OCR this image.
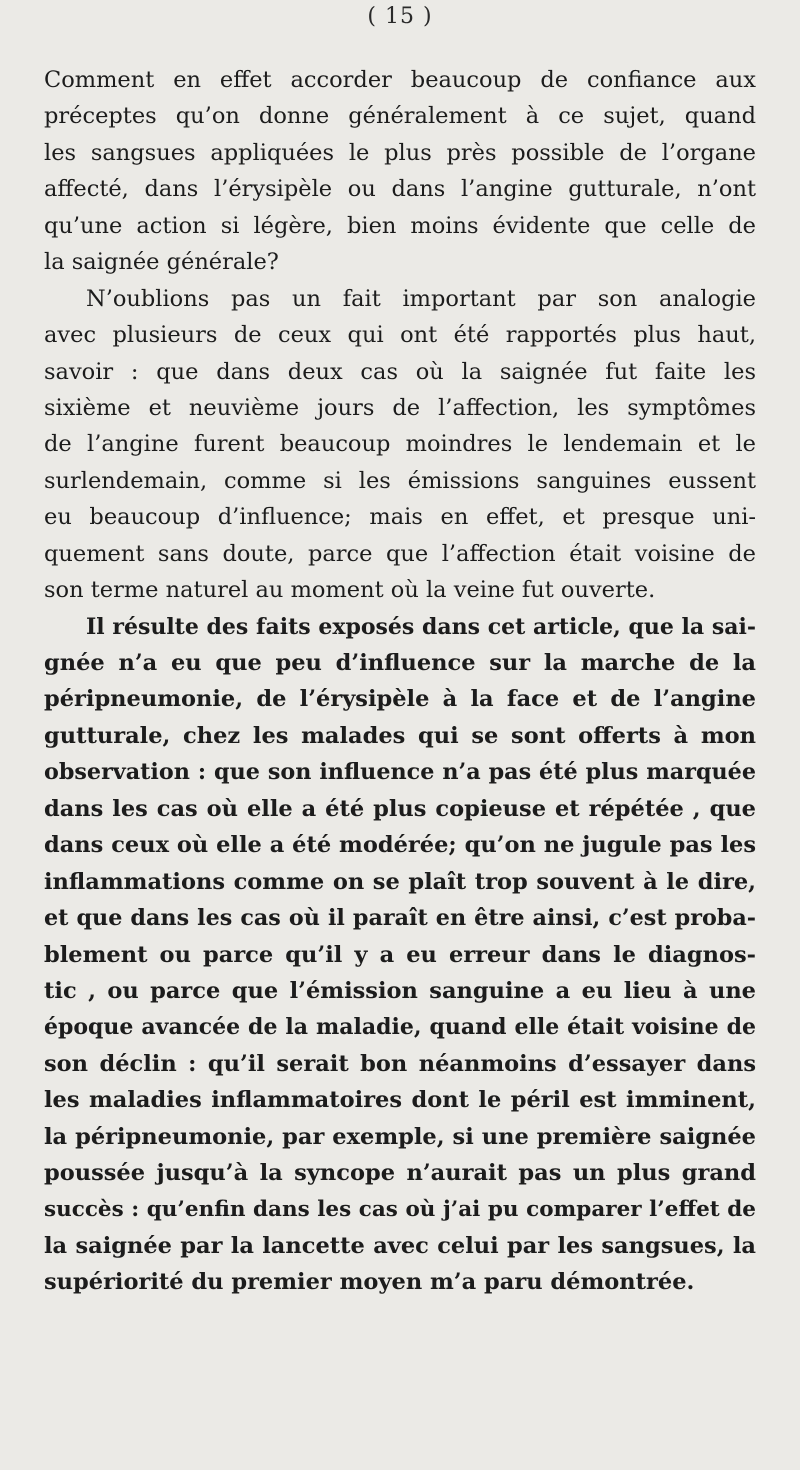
( 15 )
Comment en effet accorder beaucoup de confiance aux
préceptes qu’on donne généralement à ce sujet, quand
les sangsues appliquées le plus près possible de l’organe
affecté, dans l’érysipèle ou dans l’angine gutturale, n’ont
qu’une action si légère, bien moins évidente que celle de
la saignée générale?
N’oublions pas un fait important par son analogie
avec plusieurs de ceux qui ont été rapportés plus haut,
savoir : que dans deux cas où la saignée fut faite les
sixième et neuvième jours de l’affection, les symptômes
de l’angine furent beaucoup moindres le lendemain et le
surlendemain, comme si les émissions sanguines eussent
eu beaucoup d’influence; mais en effet, et presque uni-
quement sans doute, parce que l’affection était voisine de
son terme naturel au moment où la veine fut ouverte.
Il résulte des faits exposés dans cet article, que la sai-
gnée n’a eu que peu d’influence sur la marche de la
péripneumonie, de l’érysipèle à la face et de l’angine
gutturale, chez les malades qui se sont offerts à mon
observation : que son influence n’a pas été plus marquée
dans les cas où elle a été plus copieuse et répétée , que
dans ceux où elle a été modérée; qu’on ne jugule pas les
inflammations comme on se plaît trop souvent à le dire,
et que dans les cas où il paraît en être ainsi, c’est proba-
blement ou parce qu’il y a eu erreur dans le diagnos-
tic , ou parce que l’émission sanguine a eu lieu à une
époque avancée de la maladie, quand elle était voisine de
son déclin : qu’il serait bon néanmoins d’essayer dans
les maladies inflammatoires dont le péril est imminent,
la péripneumonie, par exemple, si une première saignée
poussée jusqu’à la syncope n’aurait pas un plus grand
succès : qu’enfin dans les cas où j’ai pu comparer l’effet de
la saignée par la lancette avec celui par les sangsues, la
supériorité du premier moyen m’a paru démontrée.
